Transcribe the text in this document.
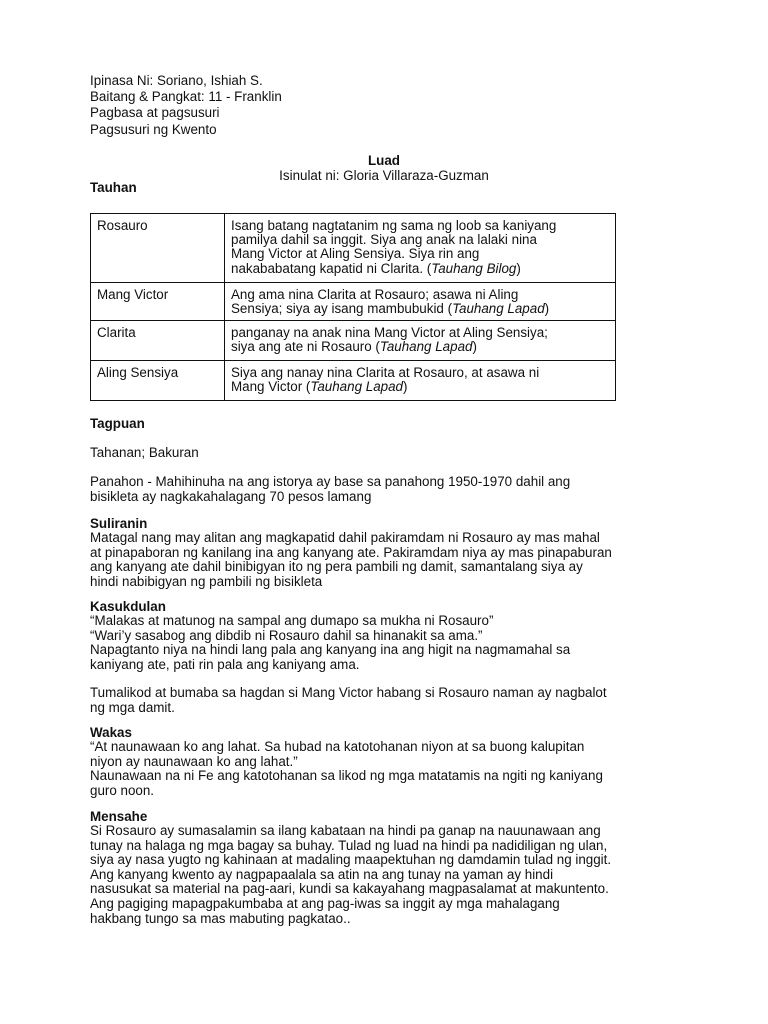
Ipinasa Ni: Soriano, Ishiah S.
Baitang & Pangkat: 11 - Franklin
Pagbasa at pagsusuri
Pagsusuri ng Kwento
Luad
Isinulat ni: Gloria Villaraza-Guzman
Tauhan
Rosauro	Isang batang nagtatanim ng sama ng loob sa kaniyang
pamilya dahil sa inggit. Siya ang anak na lalaki nina
Mang Victor at Aling Sensiya. Siya rin ang
nakababatang kapatid ni Clarita. (Tauhang Bilog)

Mang Victor	Ang ama nina Clarita at Rosauro; asawa ni Aling
Sensiya; siya ay isang mambubukid (Tauhang Lapad)

Clarita	panganay na anak nina Mang Victor at Aling Sensiya;
siya ang ate ni Rosauro (Tauhang Lapad)

Aling Sensiya	Siya ang nanay nina Clarita at Rosauro, at asawa ni
Mang Victor (Tauhang Lapad)
Tagpuan
Tahanan; Bakuran
Panahon - Mahihinuha na ang istorya ay base sa panahong 1950-1970 dahil ang
bisikleta ay nagkakahalagang 70 pesos lamang
Suliranin
Matagal nang may alitan ang magkapatid dahil pakiramdam ni Rosauro ay mas mahal
at pinapaboran ng kanilang ina ang kanyang ate. Pakiramdam niya ay mas pinapaburan
ang kanyang ate dahil binibigyan ito ng pera pambili ng damit, samantalang siya ay
hindi nabibigyan ng pambili ng bisikleta
Kasukdulan
“Malakas at matunog na sampal ang dumapo sa mukha ni Rosauro”
“Wari’y sasabog ang dibdib ni Rosauro dahil sa hinanakit sa ama.”
Napagtanto niya na hindi lang pala ang kanyang ina ang higit na nagmamahal sa
kaniyang ate, pati rin pala ang kaniyang ama.
Tumalikod at bumaba sa hagdan si Mang Victor habang si Rosauro naman ay nagbalot
ng mga damit.
Wakas
“At naunawaan ko ang lahat. Sa hubad na katotohanan niyon at sa buong kalupitan
niyon ay naunawaan ko ang lahat.”
Naunawaan na ni Fe ang katotohanan sa likod ng mga matatamis na ngiti ng kaniyang
guro noon.
Mensahe
Si Rosauro ay sumasalamin sa ilang kabataan na hindi pa ganap na nauunawaan ang
tunay na halaga ng mga bagay sa buhay. Tulad ng luad na hindi pa nadidiligan ng ulan,
siya ay nasa yugto ng kahinaan at madaling maapektuhan ng damdamin tulad ng inggit.
Ang kanyang kwento ay nagpapaalala sa atin na ang tunay na yaman ay hindi
nasusukat sa material na pag-aari, kundi sa kakayahang magpasalamat at makuntento.
Ang pagiging mapagpakumbaba at ang pag-iwas sa inggit ay mga mahalagang
hakbang tungo sa mas mabuting pagkatao..
